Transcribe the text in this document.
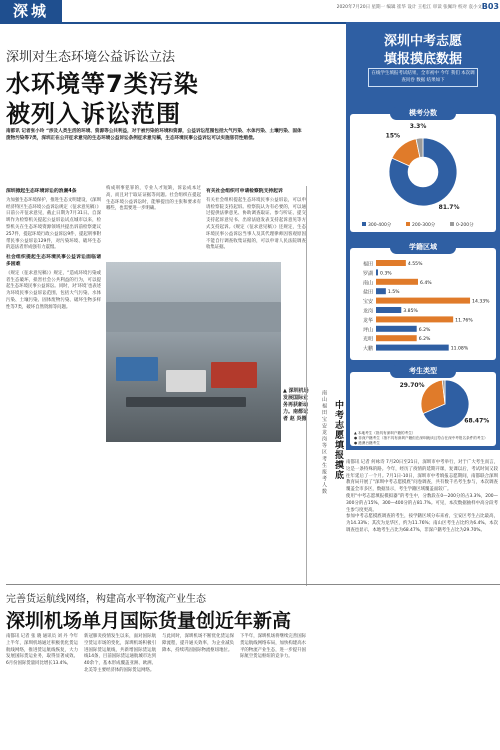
深城	2020年7月20日 星期一 编辑 崔华 设计 王松江 审读 张佩玲 校对 袁小文 B03
深圳对生态环境公益诉讼立法
水环境等7类污染
被列入诉讼范围
南都讯 记者张小玲 “涉及人类生活的环境、资源等公共利益，对于被污染的环境和资源，公益诉讼范围包括大气污染、水体污染、土壤污染、固体废物污染等7类，深圳正在公开征求意见的生态环境公益诉讼条例征求意见稿，生态环境民事公益诉讼可以实施惩罚性赔偿。
深圳掀起生态环境诉讼的浪潮4条

为加强生态环境保护，推进生态文明建设，《深圳经济特区生态环境公益诉讼规定（征求意见稿）》日前公开征求意见，截止日期为7月31日。自深圳作为检察机关提起公益诉讼试点城市以来，检察机关在生态环境资源领域共提出诉前检察建议257件，提起环境行政公益诉讼9件，提起刑事附带民事公益诉讼129件，对污染环境、破坏生态的违法者形成强有力震慑。

社会组织提起生态环境民事公益诉讼面临诸多困难

《规定（征求意见稿）》规定，“造成环境污染或者生态破坏，损害社会公共利益的行为，可以提起生态环境民事公益诉讼。同时，对‘环境’也表述为环境民事公益诉讼范围，包括大气污染、水体污染、土壤污染、固体废物污染、破坏生物多样性等7类，破坏自然资源等问题。

构成刑事犯罪的，专业人才短缺，诉讼成本过高，而且对于取证证据等问题。社会组织在提起生态环境公益诉讼时，能够提出的主张和要求有哪些，也需要进一步明确。

有关社会组织可申请检察院支持起诉

有关社会组织提起生态环境民事公益诉讼，可以申请检察院支持起诉。检察院认为有必要的，可以通过提供法律意见、协助调查取证、参与听证、提交支持起诉意见书、出席法庭发表支持起诉意见等方式支持起诉。《规定（征求意见稿）》还规定，生态环境民事公益诉讼当事人及其代理律师因客观原因不能自行调查收集证据的，可以申请人民法院调查收集证据。

▲ 深圳机场发展国际业务再获新动力。南都记者 赵 炎摄	南 山 福 田 宝 安 龙 岗 等 区 考 生 报 考 人 数 中考志愿填报摸底
深圳中考志愿
填报摸底数据
在线学生填报考试结果，全市初中 今年 我们 本次调查问卷 数据 结果如下
模考分数
81.7%
15%
3.3%
300-400分	200-300分	0-200分
学籍区域
福田	4.55%
罗湖 0.3%
南山	6.4%
盐田	1.5%
宝安	14.33%
龙岗	3.85%
龙华	11.76%
坪山	6.2%
光明	6.2%
大鹏	11.08%
考生类型
68.47%
29.70%
▲ 本地考生（指具有深圳户籍的考生）
● 非深户籍考生（指不具有深圳户籍但在深圳就读且符合在深中考报名条件的考生）
● 港澳台籍考生

南都讯 记者 何咏诗 7月20日至21日，深圳市中考举行，对于广大考生而言，这是一条特殊的路。今年，经历了疫情的延期开课，复课以后，考试时间又较往年延后了一个月。7月1日-10日，深圳市中考填报志愿期间，南都联合深圳教育局开展了“深圳中考志愿摸底”问卷调查，共有数千名考生参与，本次调查覆盖全市多区，数据显示，考生学籍区域覆盖面较广。

使用“中考志愿填报模拟器”的考生中，分数段在0—200分的占3.3%，200—300分的占15%，300—400分的占81.7%。可见，本次数据抽样中高分段考生参与度更高。

参加中考志愿摸底调查的考生，按学籍区域分布来看，宝安区考生占比最高，为14.33%；其次为龙华区，约为11.76%；南山区考生占比约为6.4%。本次调查也显示，本地考生占比为68.47%，非深户籍考生占比为29.70%。

完善货运航线网络，构建高水平物流产业生态
深圳机场单月国际货量创近年新高
南都讯 记者 张 晓 通讯员 刘 丹 今年上半年，深圳机场通过积极优化货运航线网络，推进货运航线恢复，大力发展国际货运业务，取得显著成效。6月份国际货量同比增长13.4%。
新冠肺炎疫情发生以来，面对国际航空货运市场的变化，深圳机场积极引进国际货运航线，共新增国际货运航线14条，目前国际货运通航城市达到40余个，基本形成覆盖亚洲、欧洲、北美等主要经济体的国际货运网络。
与此同时，深圳机场不断优化货运保障流程，提升通关效率，为企业减负降本，持续巩固国际物流枢纽地位。
下半年，深圳机场将继续完善国际货运航线网络布局，加快构建高水平的物流产业生态，进一步提升国际航空货运枢纽的竞争力。
